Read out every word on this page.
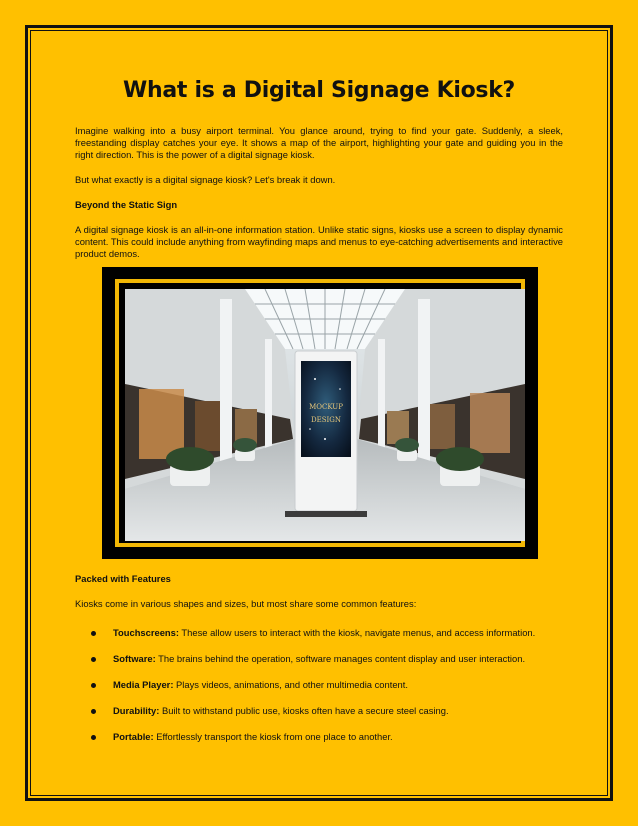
What is a Digital Signage Kiosk?

Imagine walking into a busy airport terminal. You glance around, trying to find your gate. Suddenly, a sleek, freestanding display catches your eye. It shows a map of the airport, highlighting your gate and guiding you in the right direction. This is the power of a digital signage kiosk.

But what exactly is a digital signage kiosk? Let's break it down.

Beyond the Static Sign

A digital signage kiosk is an all-in-one information station. Unlike static signs, kiosks use a screen to display dynamic content. This could include anything from wayfinding maps and menus to eye-catching advertisements and interactive product demos.

MOCKUP
DESIGN

Packed with Features

Kiosks come in various shapes and sizes, but most share some common features:

Touchscreens: These allow users to interact with the kiosk, navigate menus, and access information.
Software: The brains behind the operation, software manages content display and user interaction.
Media Player: Plays videos, animations, and other multimedia content.
Durability: Built to withstand public use, kiosks often have a secure steel casing.
Portable: Effortlessly transport the kiosk from one place to another.
